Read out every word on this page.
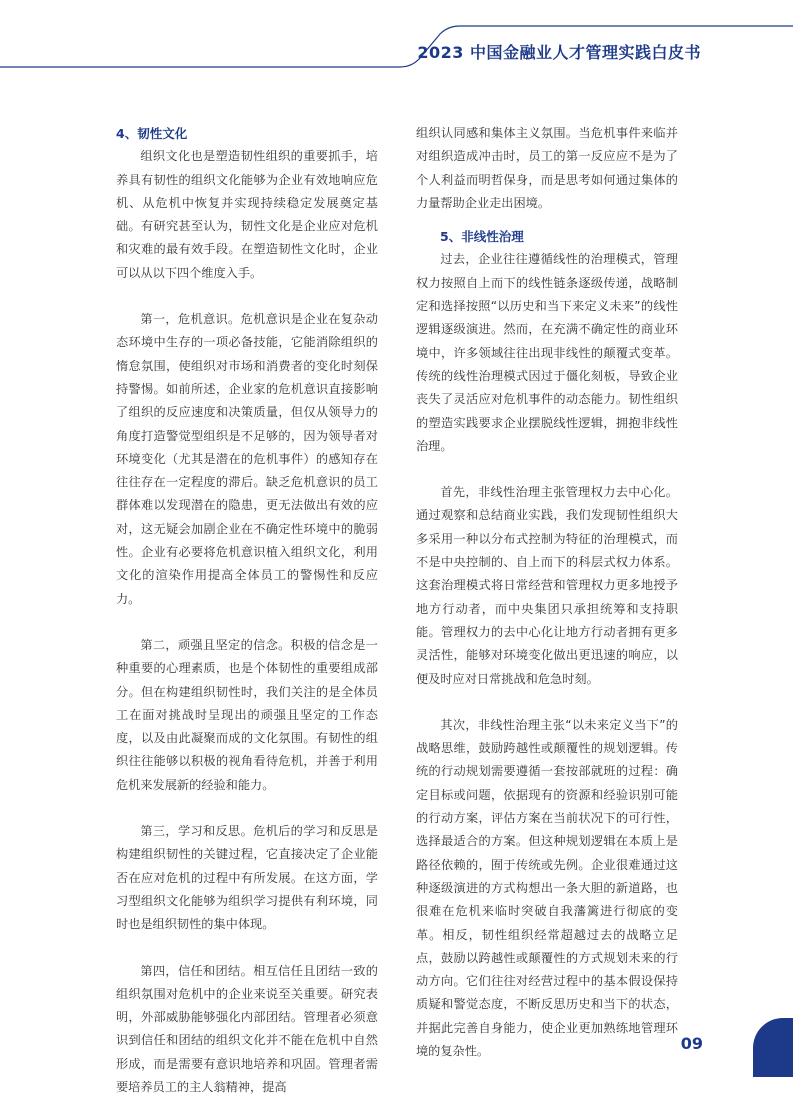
2023 中国金融业人才管理实践白皮书
4、韧性文化

组织文化也是塑造韧性组织的重要抓手，培养具有韧性的组织文化能够为企业有效地响应危机、从危机中恢复并实现持续稳定发展奠定基础。有研究甚至认为，韧性文化是企业应对危机和灾难的最有效手段。在塑造韧性文化时，企业可以从以下四个维度入手。

第一，危机意识。危机意识是企业在复杂动态环境中生存的一项必备技能，它能消除组织的惰怠氛围，使组织对市场和消费者的变化时刻保持警惕。如前所述，企业家的危机意识直接影响了组织的反应速度和决策质量，但仅从领导力的角度打造警觉型组织是不足够的，因为领导者对环境变化（尤其是潜在的危机事件）的感知存在往往存在一定程度的滞后。缺乏危机意识的员工群体难以发现潜在的隐患，更无法做出有效的应对，这无疑会加剧企业在不确定性环境中的脆弱性。企业有必要将危机意识植入组织文化，利用文化的渲染作用提高全体员工的警惕性和反应力。

第二，顽强且坚定的信念。积极的信念是一种重要的心理素质，也是个体韧性的重要组成部分。但在构建组织韧性时，我们关注的是全体员工在面对挑战时呈现出的顽强且坚定的工作态度，以及由此凝聚而成的文化氛围。有韧性的组织往往能够以积极的视角看待危机，并善于利用危机来发展新的经验和能力。

第三，学习和反思。危机后的学习和反思是构建组织韧性的关键过程，它直接决定了企业能否在应对危机的过程中有所发展。在这方面，学习型组织文化能够为组织学习提供有利环境，同时也是组织韧性的集中体现。

第四，信任和团结。相互信任且团结一致的组织氛围对危机中的企业来说至关重要。研究表明，外部威胁能够强化内部团结。管理者必须意识到信任和团结的组织文化并不能在危机中自然形成，而是需要有意识地培养和巩固。管理者需要培养员工的主人翁精神，提高

组织认同感和集体主义氛围。当危机事件来临并对组织造成冲击时，员工的第一反应应不是为了个人利益而明哲保身，而是思考如何通过集体的力量帮助企业走出困境。

5、非线性治理

过去，企业往往遵循线性的治理模式，管理权力按照自上而下的线性链条逐级传递，战略制定和选择按照“以历史和当下来定义未来”的线性逻辑逐级演进。然而，在充满不确定性的商业环境中，许多领域往往出现非线性的颠覆式变革。传统的线性治理模式因过于僵化刻板，导致企业丧失了灵活应对危机事件的动态能力。韧性组织的塑造实践要求企业摆脱线性逻辑，拥抱非线性治理。

首先，非线性治理主张管理权力去中心化。通过观察和总结商业实践，我们发现韧性组织大多采用一种以分布式控制为特征的治理模式，而不是中央控制的、自上而下的科层式权力体系。这套治理模式将日常经营和管理权力更多地授予地方行动者，而中央集团只承担统筹和支持职能。管理权力的去中心化让地方行动者拥有更多灵活性，能够对环境变化做出更迅速的响应，以便及时应对日常挑战和危急时刻。

其次，非线性治理主张“以未来定义当下”的战略思维，鼓励跨越性或颠覆性的规划逻辑。传统的行动规划需要遵循一套按部就班的过程：确定目标或问题，依据现有的资源和经验识别可能的行动方案，评估方案在当前状况下的可行性，选择最适合的方案。但这种规划逻辑在本质上是路径依赖的，囿于传统或先例。企业很难通过这种逐级演进的方式构想出一条大胆的新道路，也很难在危机来临时突破自我藩篱进行彻底的变革。相反，韧性组织经常超越过去的战略立足点，鼓励以跨越性或颠覆性的方式规划未来的行动方向。它们往往对经营过程中的基本假设保持质疑和警觉态度，不断反思历史和当下的状态，并据此完善自身能力，使企业更加熟练地管理环境的复杂性。	09
